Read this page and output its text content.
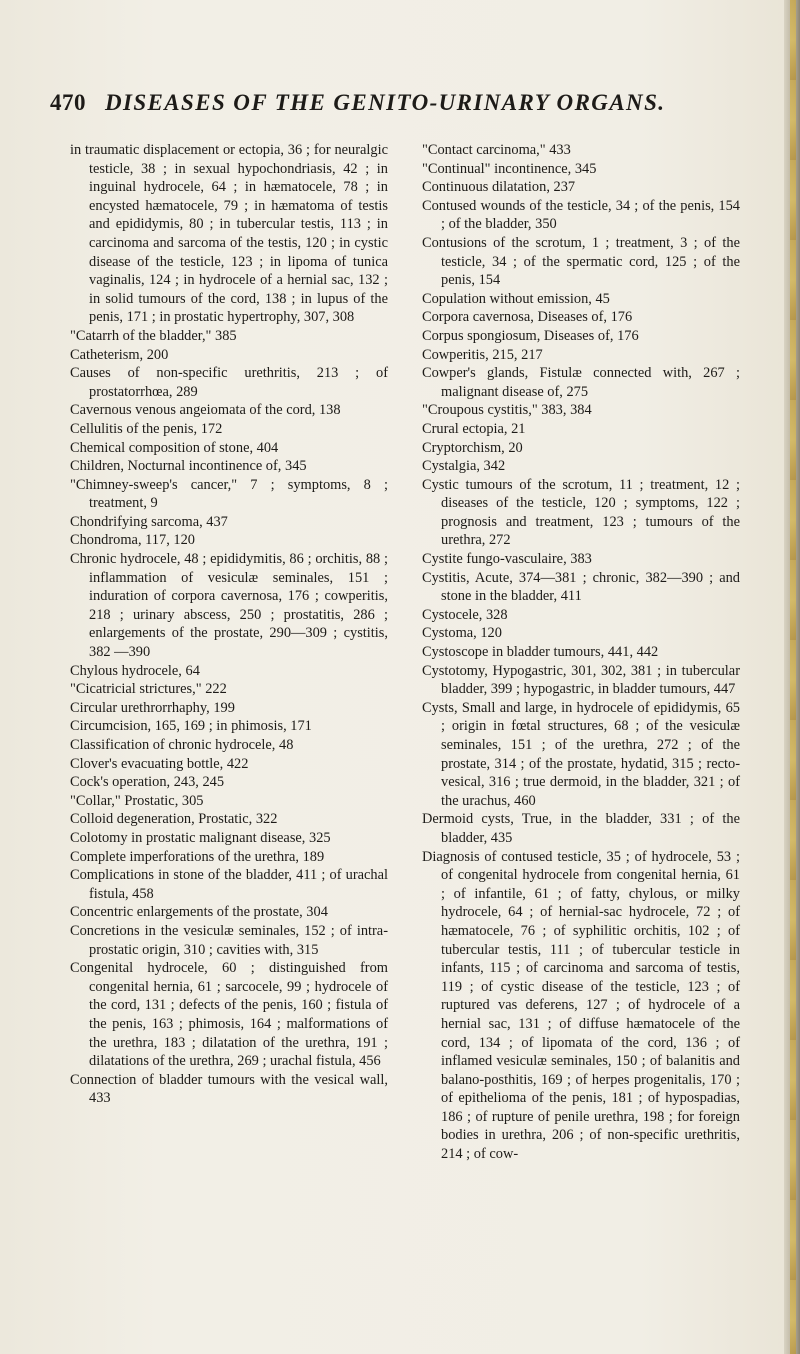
470 DISEASES OF THE GENITO-URINARY ORGANS.

in traumatic displacement or ectopia, 36 ; for neuralgic testicle, 38 ; in sexual hypochondriasis, 42 ; in inguinal hydrocele, 64 ; in hæmatocele, 78 ; in encysted hæmatocele, 79 ; in hæmatoma of testis and epididymis, 80 ; in tubercular testis, 113 ; in carcinoma and sarcoma of the testis, 120 ; in cystic disease of the testicle, 123 ; in lipoma of tunica vaginalis, 124 ; in hydrocele of a hernial sac, 132 ; in solid tumours of the cord, 138 ; in lupus of the penis, 171 ; in prostatic hypertrophy, 307, 308

"Catarrh of the bladder," 385

Catheterism, 200

Causes of non-specific urethritis, 213 ; of prostatorrhœa, 289

Cavernous venous angeiomata of the cord, 138

Cellulitis of the penis, 172

Chemical composition of stone, 404

Children, Nocturnal incontinence of, 345

"Chimney-sweep's cancer," 7 ; symptoms, 8 ; treatment, 9

Chondrifying sarcoma, 437

Chondroma, 117, 120

Chronic hydrocele, 48 ; epididymitis, 86 ; orchitis, 88 ; inflammation of vesiculæ seminales, 151 ; induration of corpora cavernosa, 176 ; cowperitis, 218 ; urinary abscess, 250 ; prostatitis, 286 ; enlargements of the prostate, 290—309 ; cystitis, 382 —390

Chylous hydrocele, 64

"Cicatricial strictures," 222

Circular urethrorrhaphy, 199

Circumcision, 165, 169 ; in phimosis, 171

Classification of chronic hydrocele, 48

Clover's evacuating bottle, 422

Cock's operation, 243, 245

"Collar," Prostatic, 305

Colloid degeneration, Prostatic, 322

Colotomy in prostatic malignant disease, 325

Complete imperforations of the urethra, 189

Complications in stone of the bladder, 411 ; of urachal fistula, 458

Concentric enlargements of the prostate, 304

Concretions in the vesiculæ seminales, 152 ; of intra-prostatic origin, 310 ; cavities with, 315

Congenital hydrocele, 60 ; distinguished from congenital hernia, 61 ; sarcocele, 99 ; hydrocele of the cord, 131 ; defects of the penis, 160 ; fistula of the penis, 163 ; phimosis, 164 ; malformations of the urethra, 183 ; dilatation of the urethra, 191 ; dilatations of the urethra, 269 ; urachal fistula, 456

Connection of bladder tumours with the vesical wall, 433

"Contact carcinoma," 433

"Continual" incontinence, 345

Continuous dilatation, 237

Contused wounds of the testicle, 34 ; of the penis, 154 ; of the bladder, 350

Contusions of the scrotum, 1 ; treatment, 3 ; of the testicle, 34 ; of the spermatic cord, 125 ; of the penis, 154

Copulation without emission, 45

Corpora cavernosa, Diseases of, 176

Corpus spongiosum, Diseases of, 176

Cowperitis, 215, 217

Cowper's glands, Fistulæ connected with, 267 ; malignant disease of, 275

"Croupous cystitis," 383, 384

Crural ectopia, 21

Cryptorchism, 20

Cystalgia, 342

Cystic tumours of the scrotum, 11 ; treatment, 12 ; diseases of the testicle, 120 ; symptoms, 122 ; prognosis and treatment, 123 ; tumours of the urethra, 272

Cystite fungo-vasculaire, 383

Cystitis, Acute, 374—381 ; chronic, 382—390 ; and stone in the bladder, 411

Cystocele, 328

Cystoma, 120

Cystoscope in bladder tumours, 441, 442

Cystotomy, Hypogastric, 301, 302, 381 ; in tubercular bladder, 399 ; hypogastric, in bladder tumours, 447

Cysts, Small and large, in hydrocele of epididymis, 65 ; origin in fœtal structures, 68 ; of the vesiculæ seminales, 151 ; of the urethra, 272 ; of the prostate, 314 ; of the prostate, hydatid, 315 ; recto-vesical, 316 ; true dermoid, in the bladder, 321 ; of the urachus, 460

Dermoid cysts, True, in the bladder, 331 ; of the bladder, 435

Diagnosis of contused testicle, 35 ; of hydrocele, 53 ; of congenital hydrocele from congenital hernia, 61 ; of infantile, 61 ; of fatty, chylous, or milky hydrocele, 64 ; of hernial-sac hydrocele, 72 ; of hæmatocele, 76 ; of syphilitic orchitis, 102 ; of tubercular testis, 111 ; of tubercular testicle in infants, 115 ; of carcinoma and sarcoma of testis, 119 ; of cystic disease of the testicle, 123 ; of ruptured vas deferens, 127 ; of hydrocele of a hernial sac, 131 ; of diffuse hæmatocele of the cord, 134 ; of lipomata of the cord, 136 ; of inflamed vesiculæ seminales, 150 ; of balanitis and balano-posthitis, 169 ; of herpes progenitalis, 170 ; of epithelioma of the penis, 181 ; of hypospadias, 186 ; of rupture of penile urethra, 198 ; for foreign bodies in urethra, 206 ; of non-specific urethritis, 214 ; of cow-
